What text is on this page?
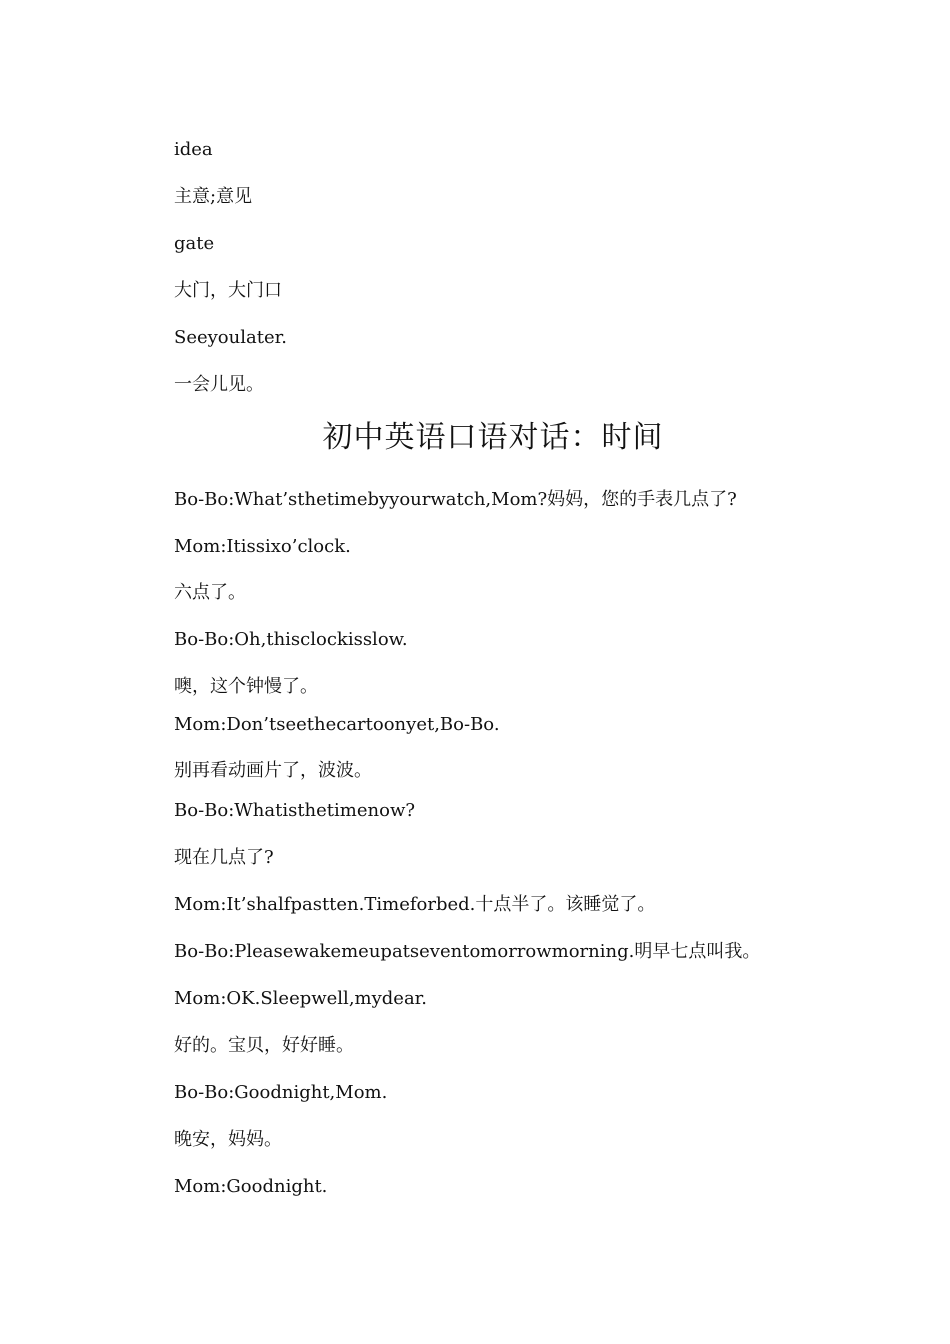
idea
主意;意见
gate
大门，大门口
Seeyoulater.
一会儿见。
初中英语口语对话：时间
Bo-Bo:What’sthetimebyyourwatch,Mom?妈妈，您的手表几点了?
Mom:Itissixo’clock.
六点了。
Bo-Bo:Oh,thisclockisslow.
噢，这个钟慢了。
Mom:Don’tseethecartoonyet,Bo-Bo.
别再看动画片了，波波。
Bo-Bo:Whatisthetimenow?
现在几点了?
Mom:It’shalfpastten.Timeforbed.十点半了。该睡觉了。
Bo-Bo:Pleasewakemeupatseventomorrowmorning.明早七点叫我。
Mom:OK.Sleepwell,mydear.
好的。宝贝，好好睡。
Bo-Bo:Goodnight,Mom.
晚安，妈妈。
Mom:Goodnight.
